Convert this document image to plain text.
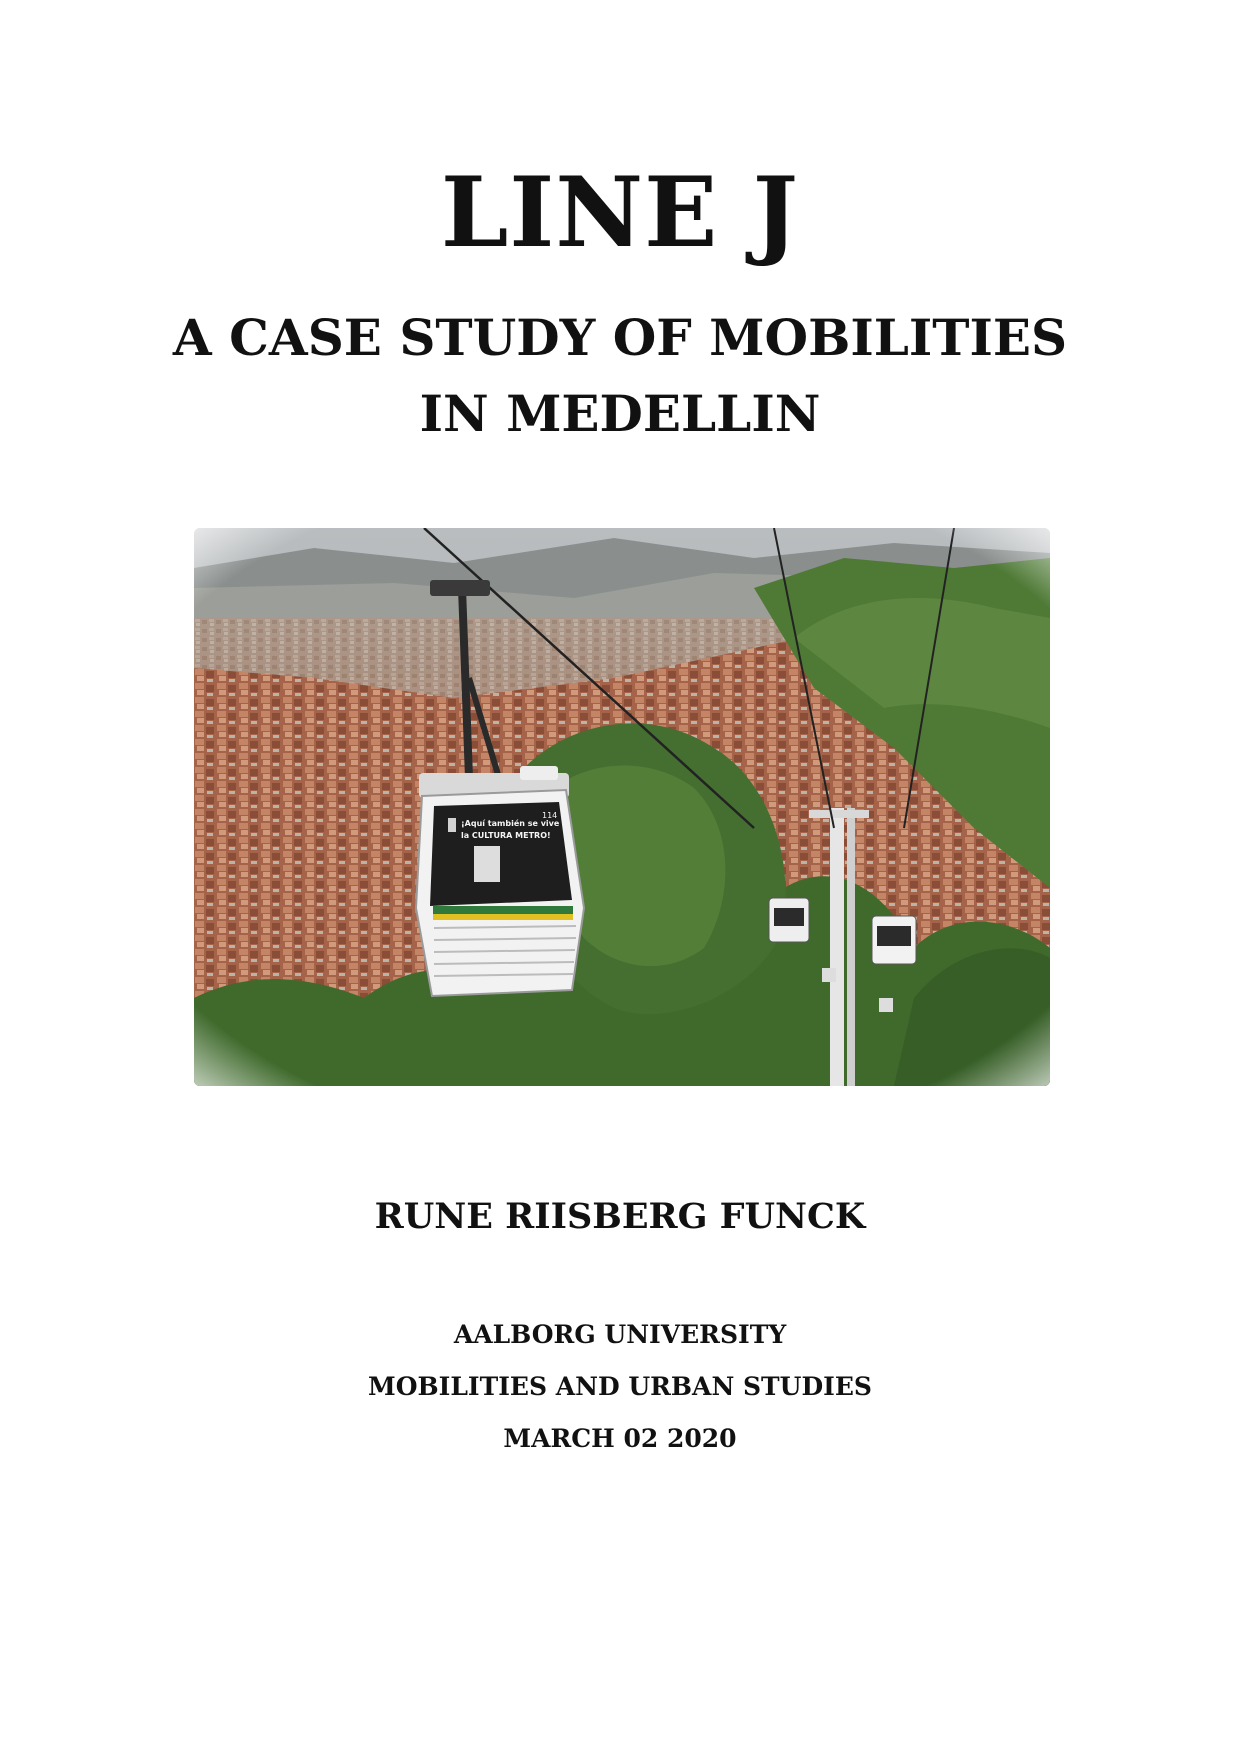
LINE J
A CASE STUDY OF MOBILITIES
IN MEDELLIN
RUNE RIISBERG FUNCK
AALBORG UNIVERSITY
MOBILITIES AND URBAN STUDIES
MARCH 02 2020
